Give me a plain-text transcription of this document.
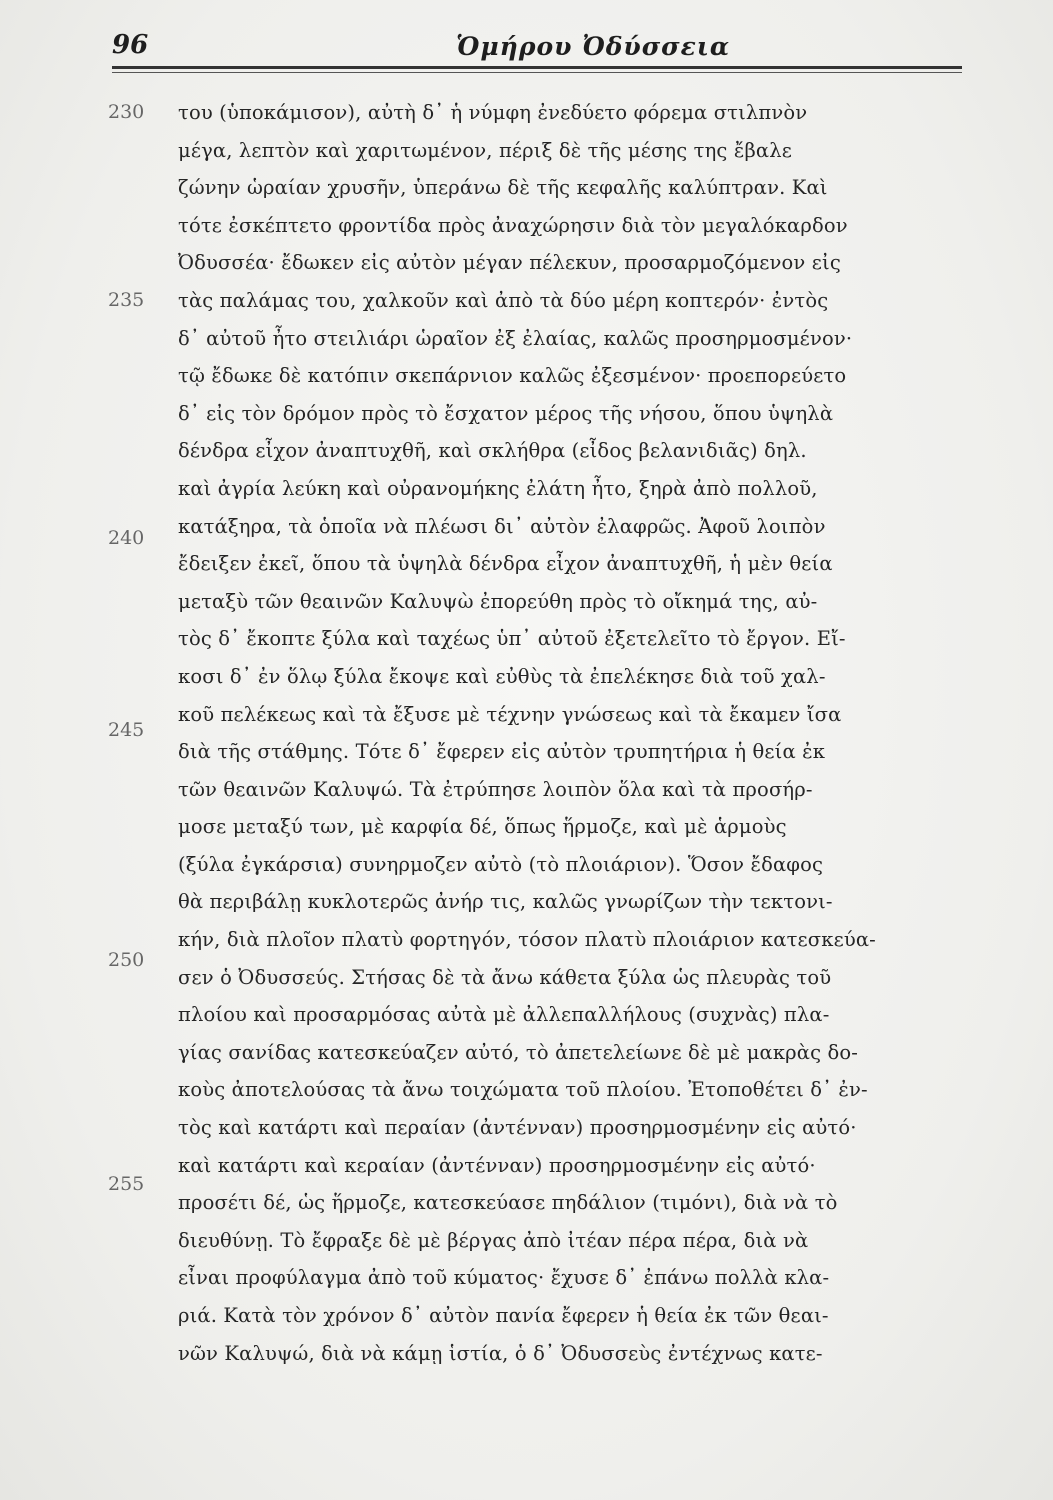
96	Ὁμήρου Ὀδύσσεια
230
235
240
245
250
255
του (ὑποκάμισον), αὐτὴ δ᾽ ἡ νύμφη ἐνεδύετο φόρεμα στιλπνὸν
μέγα, λεπτὸν καὶ χαριτωμένον, πέριξ δὲ τῆς μέσης της ἔβαλε
ζώνην ὡραίαν χρυσῆν, ὑπεράνω δὲ τῆς κεφαλῆς καλύπτραν. Καὶ
τότε ἐσκέπτετο φροντίδα πρὸς ἀναχώρησιν διὰ τὸν μεγαλόκαρδον
Ὀδυσσέα· ἔδωκεν εἰς αὐτὸν μέγαν πέλεκυν, προσαρμοζόμενον εἰς
τὰς παλάμας του, χαλκοῦν καὶ ἀπὸ τὰ δύο μέρη κοπτερόν· ἐντὸς
δ᾽ αὐτοῦ ἦτο στειλιάρι ὡραῖον ἐξ ἐλαίας, καλῶς προσηρμοσμένον·
τῷ ἔδωκε δὲ κατόπιν σκεπάρνιον καλῶς ἐξεσμένον· προεπορεύετο
δ᾽ εἰς τὸν δρόμον πρὸς τὸ ἔσχατον μέρος τῆς νήσου, ὅπου ὑψηλὰ
δένδρα εἶχον ἀναπτυχθῆ, καὶ σκλήθρα (εἶδος βελανιδιᾶς) δηλ.
καὶ ἀγρία λεύκη καὶ οὐρανομήκης ἐλάτη ἦτο, ξηρὰ ἀπὸ πολλοῦ,
κατάξηρα, τὰ ὁποῖα νὰ πλέωσι δι᾽ αὐτὸν ἐλαφρῶς. Ἀφοῦ λοιπὸν
ἔδειξεν ἐκεῖ, ὅπου τὰ ὑψηλὰ δένδρα εἶχον ἀναπτυχθῆ, ἡ μὲν θεία
μεταξὺ τῶν θεαινῶν Καλυψὼ ἐπορεύθη πρὸς τὸ οἴκημά της, αὐ-
τὸς δ᾽ ἔκοπτε ξύλα καὶ ταχέως ὑπ᾽ αὐτοῦ ἐξετελεῖτο τὸ ἔργον. Εἴ-
κοσι δ᾽ ἐν ὅλῳ ξύλα ἔκοψε καὶ εὐθὺς τὰ ἐπελέκησε διὰ τοῦ χαλ-
κοῦ πελέκεως καὶ τὰ ἔξυσε μὲ τέχνην γνώσεως καὶ τὰ ἔκαμεν ἴσα
διὰ τῆς στάθμης. Τότε δ᾽ ἔφερεν εἰς αὐτὸν τρυπητήρια ἡ θεία ἐκ
τῶν θεαινῶν Καλυψώ. Τὰ ἐτρύπησε λοιπὸν ὅλα καὶ τὰ προσήρ-
μοσε μεταξύ των, μὲ καρφία δέ, ὅπως ἥρμοζε, καὶ μὲ ἁρμοὺς
(ξύλα ἐγκάρσια) συνηρμοζεν αὐτὸ (τὸ πλοιάριον). Ὅσον ἔδαφος
θὰ περιβάλῃ κυκλοτερῶς ἀνήρ τις, καλῶς γνωρίζων τὴν τεκτονι-
κήν, διὰ πλοῖον πλατὺ φορτηγόν, τόσον πλατὺ πλοιάριον κατεσκεύα-
σεν ὁ Ὀδυσσεύς. Στήσας δὲ τὰ ἄνω κάθετα ξύλα ὡς πλευρὰς τοῦ
πλοίου καὶ προσαρμόσας αὐτὰ μὲ ἀλλεπαλλήλους (συχνὰς) πλα-
γίας σανίδας κατεσκεύαζεν αὐτό, τὸ ἀπετελείωνε δὲ μὲ μακρὰς δο-
κοὺς ἀποτελούσας τὰ ἄνω τοιχώματα τοῦ πλοίου. Ἐτοποθέτει δ᾽ ἐν-
τὸς καὶ κατάρτι καὶ περαίαν (ἀντένναν) προσηρμοσμένην εἰς αὐτό·
καὶ κατάρτι καὶ κεραίαν (ἀντένναν) προσηρμοσμένην εἰς αὐτό·
προσέτι δέ, ὡς ἥρμοζε, κατεσκεύασε πηδάλιον (τιμόνι), διὰ νὰ τὸ
διευθύνῃ. Τὸ ἔφραξε δὲ μὲ βέργας ἀπὸ ἰτέαν πέρα πέρα, διὰ νὰ
εἶναι προφύλαγμα ἀπὸ τοῦ κύματος· ἔχυσε δ᾽ ἐπάνω πολλὰ κλα-
ριά. Κατὰ τὸν χρόνον δ᾽ αὐτὸν πανία ἔφερεν ἡ θεία ἐκ τῶν θεαι-
νῶν Καλυψώ, διὰ νὰ κάμῃ ἱστία, ὁ δ᾽ Ὀδυσσεὺς ἐντέχνως κατε-
